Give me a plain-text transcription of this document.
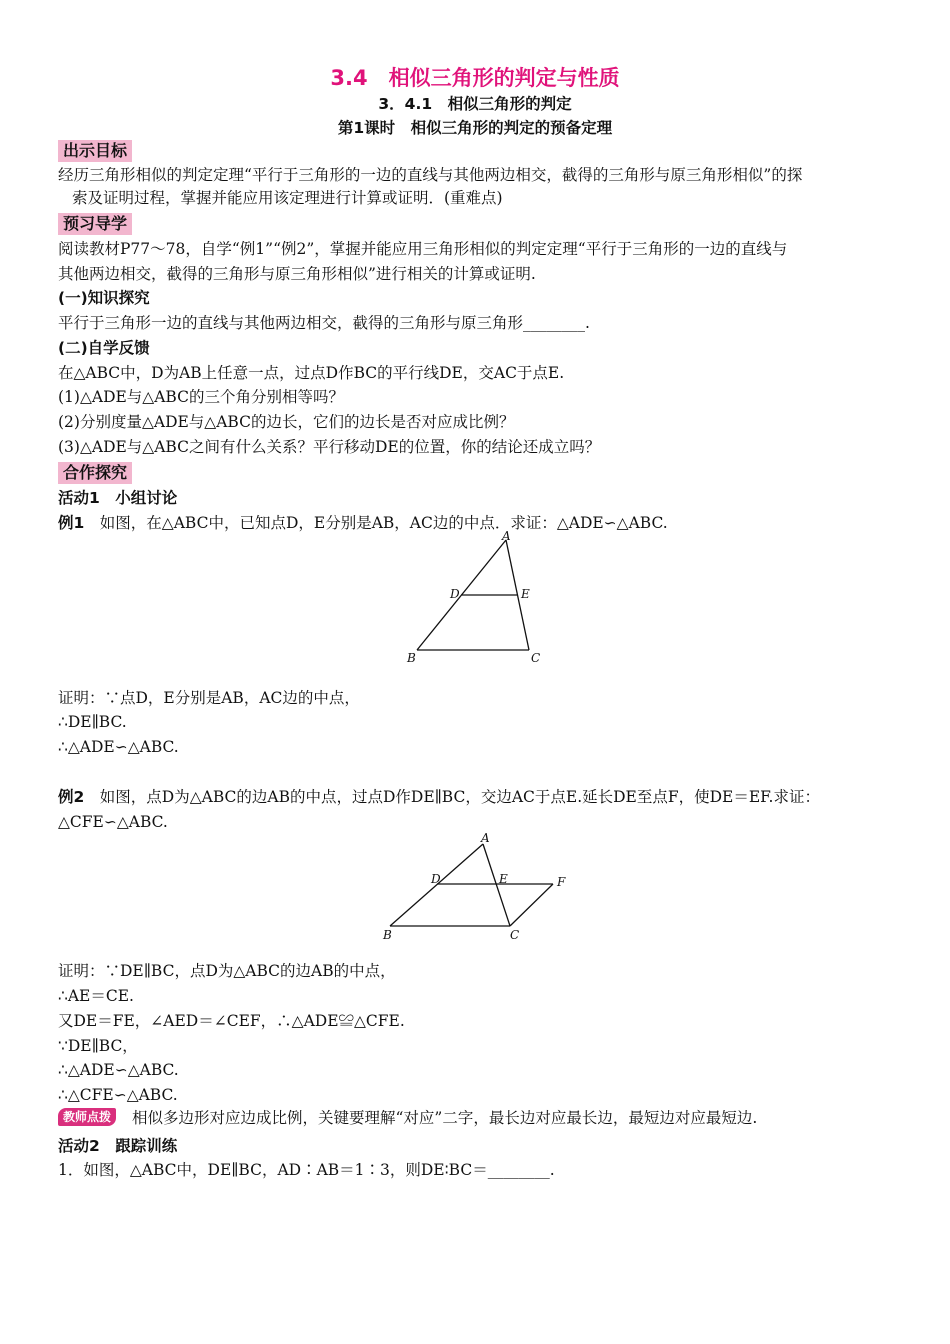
3.4　相似三角形的判定与性质
3．4.1　相似三角形的判定
第1课时　相似三角形的判定的预备定理
出示目标
经历三角形相似的判定定理“平行于三角形的一边的直线与其他两边相交，截得的三角形与原三角形相似”的探
索及证明过程，掌握并能应用该定理进行计算或证明．(重难点)
预习导学
阅读教材P77～78，自学“例1”“例2”，掌握并能应用三角形相似的判定定理“平行于三角形的一边的直线与
其他两边相交，截得的三角形与原三角形相似”进行相关的计算或证明.
(一)知识探究
平行于三角形一边的直线与其他两边相交，截得的三角形与原三角形________.
(二)自学反馈
在△ABC中，D为AB上任意一点，过点D作BC的平行线DE，交AC于点E.
(1)△ADE与△ABC的三个角分别相等吗？
(2)分别度量△ADE与△ABC的边长，它们的边长是否对应成比例？
(3)△ADE与△ABC之间有什么关系？平行移动DE的位置，你的结论还成立吗？
合作探究
活动1　小组讨论
例1　如图，在△ABC中，已知点D，E分别是AB，AC边的中点．求证：△ADE∽△ABC.
A
B	C
D	E
证明：∵点D，E分别是AB，AC边的中点，
∴DE∥BC.
∴△ADE∽△ABC.
例2　如图，点D为△ABC的边AB的中点，过点D作DE∥BC，交边AC于点E.延长DE至点F，使DE＝EF.求证：
△CFE∽△ABC.
A
B	C
D	E	F
证明：∵DE∥BC，点D为△ABC的边AB的中点，
∴AE＝CE.
又DE＝FE，∠AED＝∠CEF，∴△ADE≌△CFE.
∵DE∥BC，
∴△ADE∽△ABC.
∴△CFE∽△ABC.
教师点拨	相似多边形对应边成比例，关键要理解“对应”二字，最长边对应最长边，最短边对应最短边.
活动2　跟踪训练
1．如图，△ABC中，DE∥BC，AD∶AB＝1∶3，则DE∶BC＝________.
